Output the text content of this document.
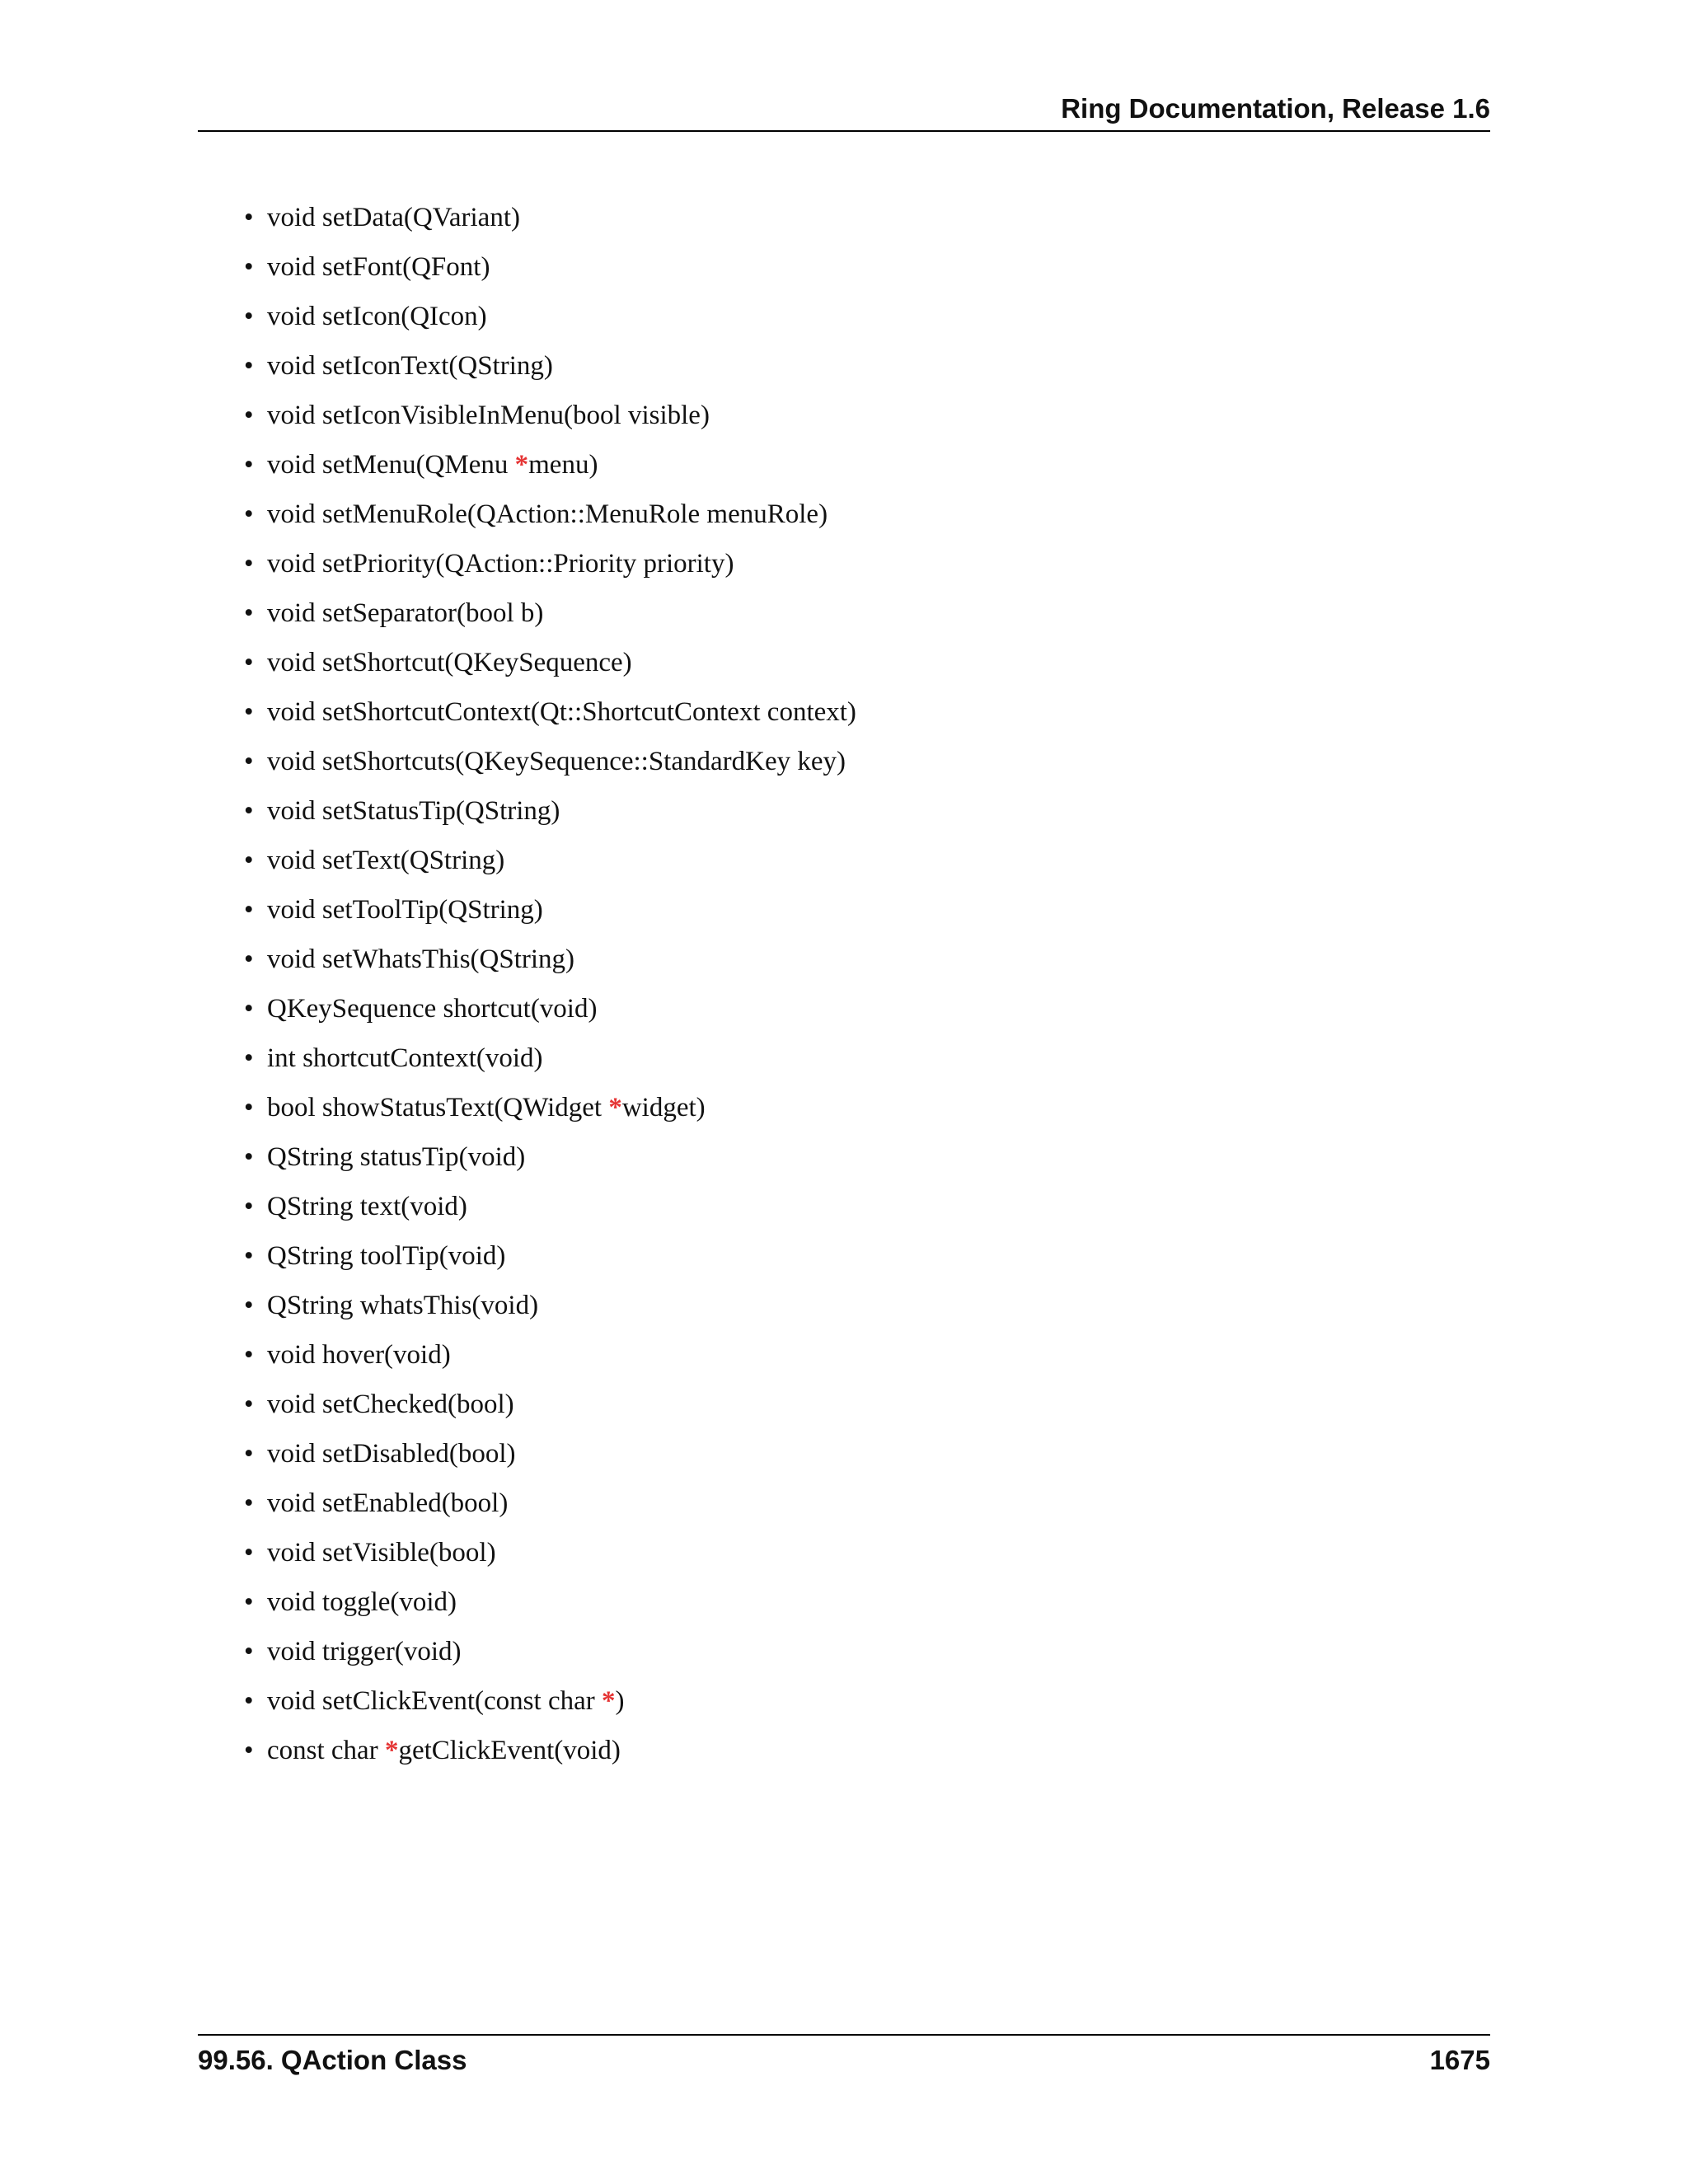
Ring Documentation, Release 1.6
• void setData(QVariant)
• void setFont(QFont)
• void setIcon(QIcon)
• void setIconText(QString)
• void setIconVisibleInMenu(bool visible)
• void setMenu(QMenu *menu)
• void setMenuRole(QAction::MenuRole menuRole)
• void setPriority(QAction::Priority priority)
• void setSeparator(bool b)
• void setShortcut(QKeySequence)
• void setShortcutContext(Qt::ShortcutContext context)
• void setShortcuts(QKeySequence::StandardKey key)
• void setStatusTip(QString)
• void setText(QString)
• void setToolTip(QString)
• void setWhatsThis(QString)
• QKeySequence shortcut(void)
• int shortcutContext(void)
• bool showStatusText(QWidget *widget)
• QString statusTip(void)
• QString text(void)
• QString toolTip(void)
• QString whatsThis(void)
• void hover(void)
• void setChecked(bool)
• void setDisabled(bool)
• void setEnabled(bool)
• void setVisible(bool)
• void toggle(void)
• void trigger(void)
• void setClickEvent(const char *)
• const char *getClickEvent(void)
99.56. QAction Class	1675
